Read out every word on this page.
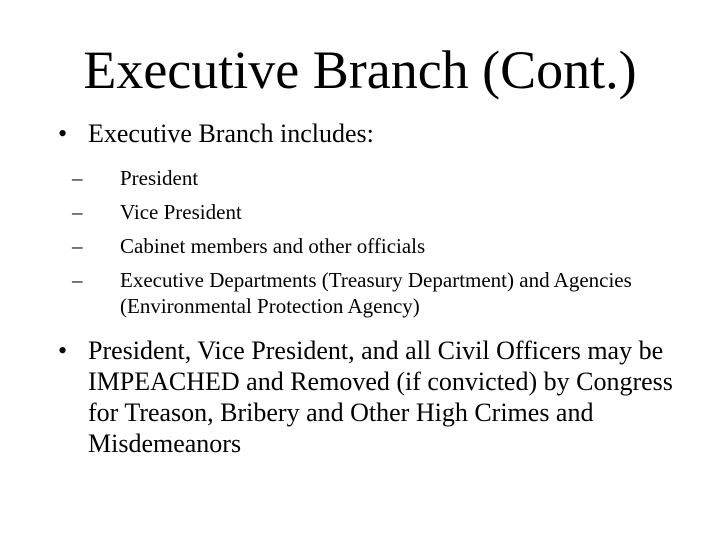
Executive Branch (Cont.)
• Executive Branch includes:
– President
– Vice President
– Cabinet members and other officials
– Executive Departments (Treasury Department) and Agencies (Environmental Protection Agency)
• President, Vice President, and all Civil Officers may be IMPEACHED and Removed (if convicted) by Congress for Treason, Bribery and Other High Crimes and Misdemeanors
